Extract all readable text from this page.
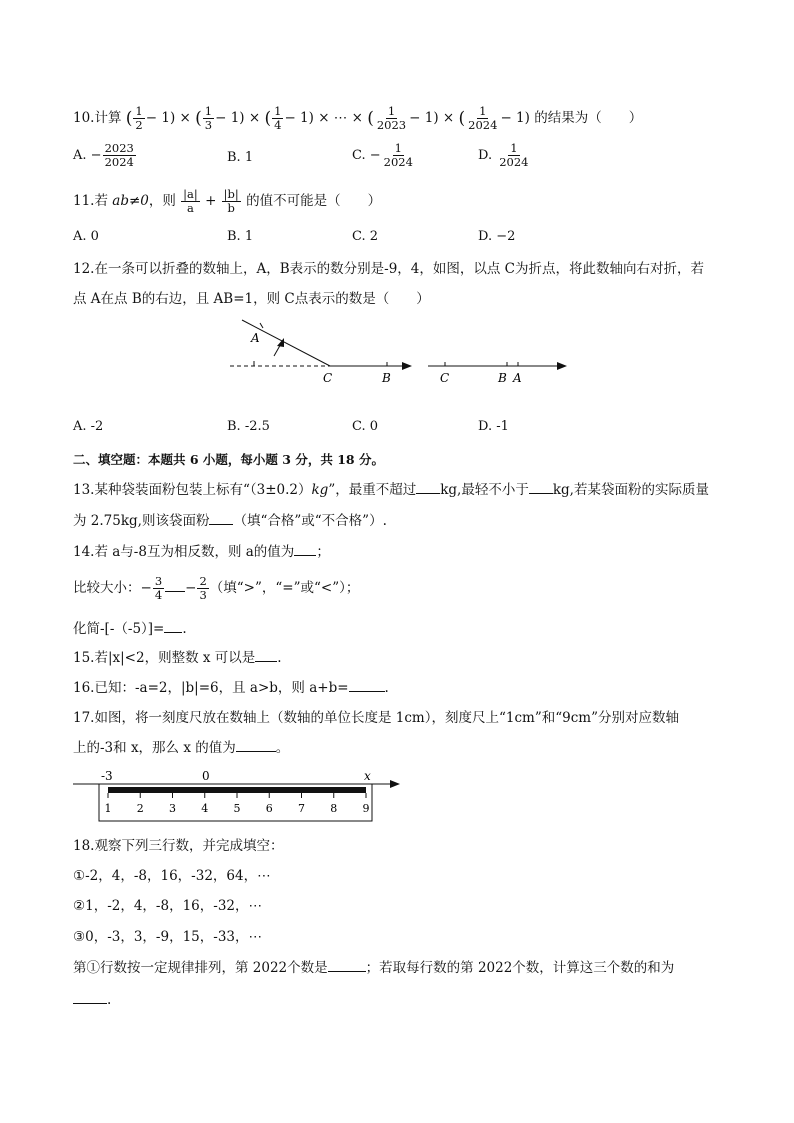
10.计算 ( $\frac{1}{2} - 1$) × ( $\frac{1}{3} - 1$) × ( $\frac{1}{4} - 1$) × ⋯ × ( $\frac{1}{2023} - 1$) × ( $\frac{1}{2024} - 1$) 的结果为（　　）
A. − $\frac{2023}{2024}$	B. 1	C. − $\frac{1}{2024}$	D. $\frac{1}{2024}$
11.若 ab≠0，则 $\frac{|a|}{a} + \frac{|b|}{b}$ 的值不可能是（　　）
A. 0	B. 1	C. 2	D. −2
12.在一条可以折叠的数轴上，A，B表示的数分别是-9，4，如图，以点 C为折点，将此数轴向右对折，若
点 A在点 B的右边，且 AB=1，则 C点表示的数是（　　）
A
C	B	C	B A
A. -2	B. -2.5	C. 0	D. -1
二、填空题：本题共 6 小题，每小题 3 分，共 18 分。
13.某种袋装面粉包装上标有“（3±0.2）kg”，最重不超过 kg,最轻不小于 kg,若某袋面粉的实际质量
为 2.75kg,则该袋面粉 （填“合格”或“不合格”）.
14.若 a与-8互为相反数，则 a的值为 ；
比较大小：− $\frac{3}{4} - \frac{2}{3}$ （填“>”，“=”或“<”）；
化简-[-（-5）]= .
15.若|x|<2，则整数 x 可以是 .
16.已知：-a=2，|b|=6，且 a>b，则 a+b=	.
17.如图，将一刻度尺放在数轴上（数轴的单位长度是 1cm），刻度尺上“1cm”和“9cm”分别对应数轴
上的-3和 x，那么 x 的值为	。
-3	0	x
1 2 3 4 5 6 7 8 9
18.观察下列三行数，并完成填空：
①-2，4，-8，16，-32，64，⋯
②1，-2，4，-8，16，-32，⋯
③0，-3，3，-9，15，-33，⋯
第①行数按一定规律排列，第 2022个数是	；若取每行数的第 2022个数，计算这三个数的和为
.
